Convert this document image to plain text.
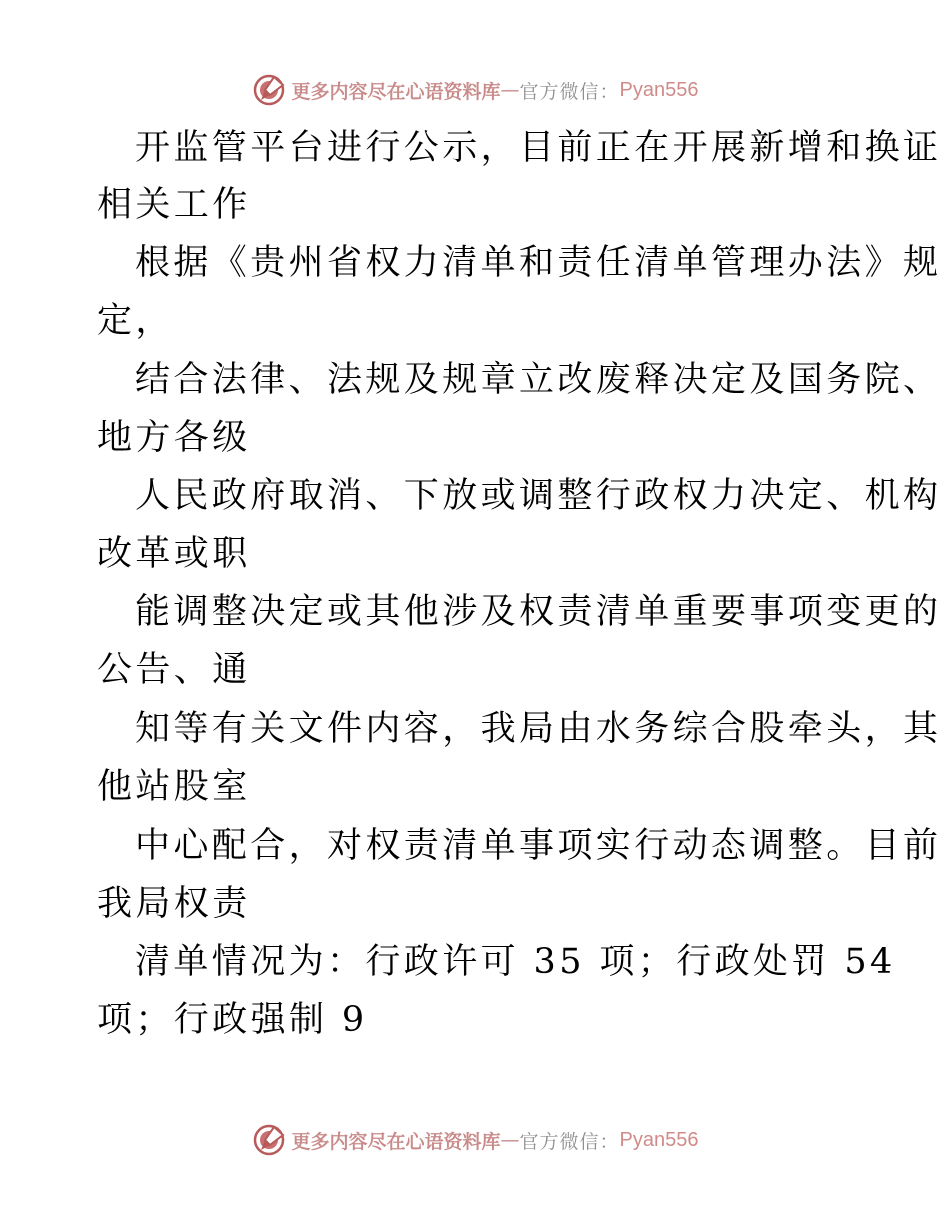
更多内容尽在心语资料库 — 官方微信： Pyan556
开监管平台进行公示，目前正在开展新增和换证
相关工作
根据《贵州省权力清单和责任清单管理办法》规
定，
结合法律、法规及规章立改废释决定及国务院、
地方各级
人民政府取消、下放或调整行政权力决定、机构
改革或职
能调整决定或其他涉及权责清单重要事项变更的
公告、通
知等有关文件内容，我局由水务综合股牵头，其
他站股室
中心配合，对权责清单事项实行动态调整。目前
我局权责
清单情况为：行政许可 35 项；行政处罚 54
项；行政强制 9
更多内容尽在心语资料库 — 官方微信： Pyan556
